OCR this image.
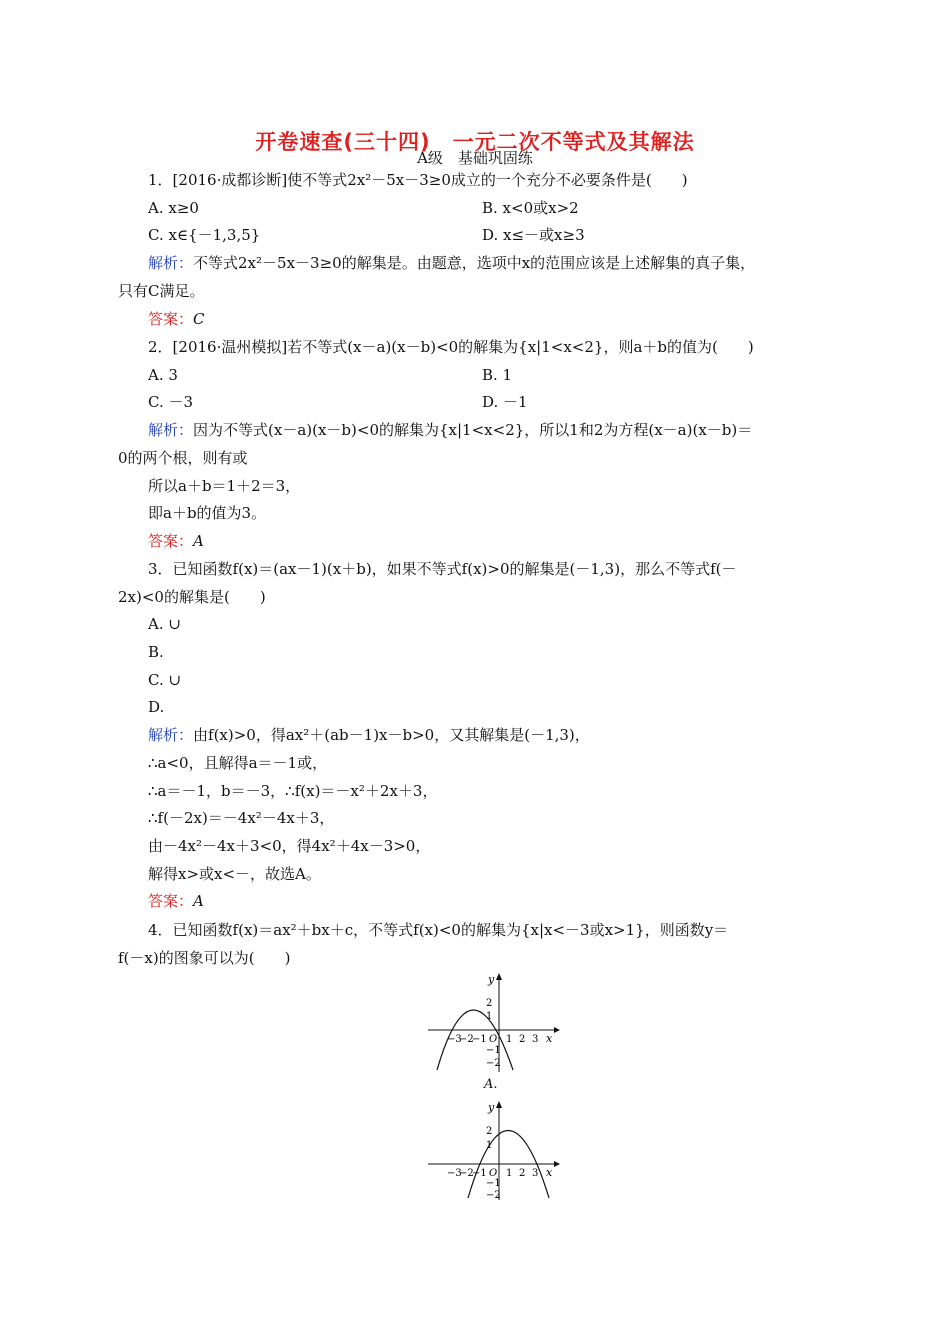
开卷速查(三十四)　一元二次不等式及其解法
A级　基础巩固练
1．[2016·成都诊断]使不等式2x²－5x－3≥0成立的一个充分不必要条件是(　　)
A. x≥0	B. x<0或x>2
C. x∈{－1,3,5}	D. x≤－或x≥3
解析：不等式2x²－5x－3≥0的解集是。由题意，选项中x的范围应该是上述解集的真子集，
只有C满足。
答案：C
2．[2016·温州模拟]若不等式(x－a)(x－b)<0的解集为{x|1<x<2}，则a＋b的值为(　　)
A. 3	B. 1
C. －3	D. －1
解析：因为不等式(x－a)(x－b)<0的解集为{x|1<x<2}，所以1和2为方程(x－a)(x－b)＝
0的两个根，则有或
所以a＋b＝1＋2＝3，
即a＋b的值为3。
答案：A
3．已知函数f(x)＝(ax－1)(x＋b)，如果不等式f(x)>0的解集是(－1,3)，那么不等式f(－
2x)<0的解集是(　　)
A. ∪
B.
C. ∪
D.
解析：由f(x)>0，得ax²＋(ab－1)x－b>0，又其解集是(－1,3)，
∴a<0，且解得a＝－1或，
∴a＝－1，b＝－3，∴f(x)＝－x²＋2x＋3，
∴f(－2x)＝－4x²－4x＋3，
由－4x²－4x＋3<0，得4x²＋4x－3>0，
解得x>或x<－，故选A。
答案：A
4．已知函数f(x)＝ax²＋bx＋c，不等式f(x)<0的解集为{x|x<－3或x>1}，则函数y＝
f(－x)的图象可以为(　　)
−3
−2
−1 O 1 2 3 x
y
2
1
−1
−2
A.
−3
−2
−1 O 1 2 3 x
y
2
1
−1
−2
